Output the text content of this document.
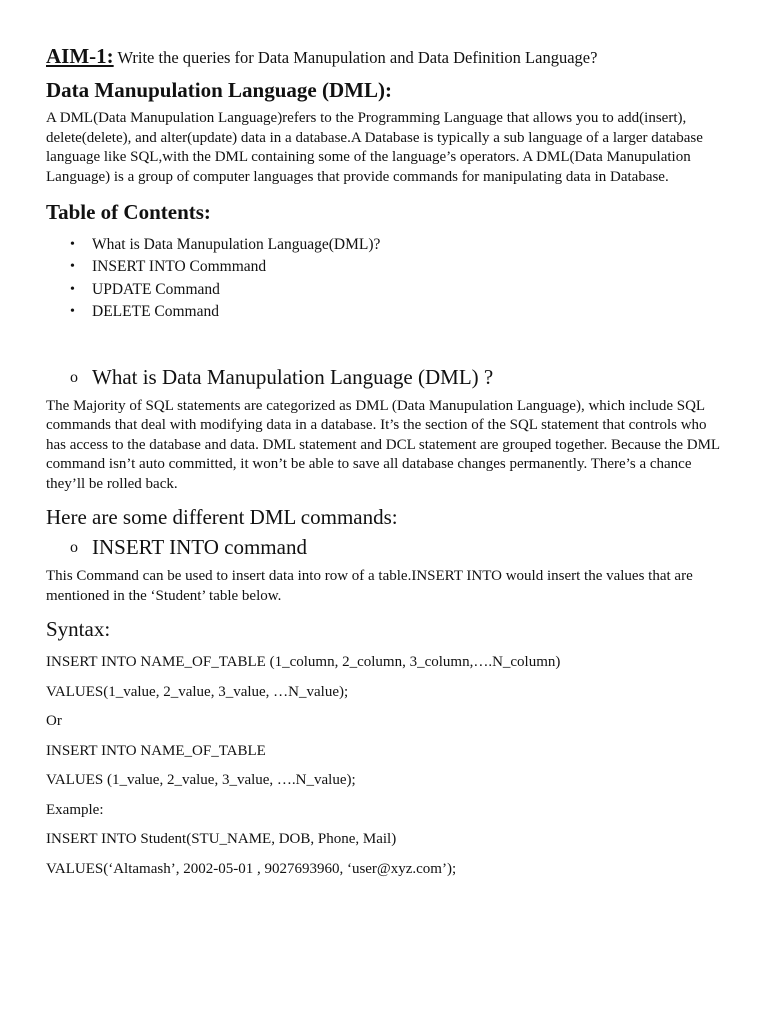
AIM-1: Write the queries for Data Manupulation and Data Definition Language?
Data Manupulation Language (DML):

A DML(Data Manupulation Language)refers to the Programming Language that allows you to add(insert), delete(delete), and alter(update) data in a database.A Database is typically a sub language of a larger database language like SQL,with the DML containing some of the language’s operators. A DML(Data Manupulation Language) is a group of computer languages that provide commands for manipulating data in Database.

Table of Contents:
• What is Data Manupulation Language(DML)?
• INSERT INTO Commmand
• UPDATE Command
• DELETE Command
o What is Data Manupulation Language (DML) ?

The Majority of SQL statements are categorized as DML (Data Manupulation Language), which include SQL commands that deal with modifying data in a database. It’s the section of the SQL statement that controls who has access to the database and data. DML statement and DCL statement are grouped together. Because the DML command isn’t auto committed, it won’t be able to save all database changes permanently. There’s a chance they’ll be rolled back.

Here are some different DML commands:
o INSERT INTO command

This Command can be used to insert data into row of a table.INSERT INTO would insert the values that are mentioned in the ‘Student’ table below.

Syntax:
INSERT INTO NAME_OF_TABLE (1_column, 2_column, 3_column,….N_column)
VALUES(1_value, 2_value, 3_value, …N_value);
Or
INSERT INTO NAME_OF_TABLE
VALUES (1_value, 2_value, 3_value, ….N_value);
Example:
INSERT INTO Student(STU_NAME, DOB, Phone, Mail)
VALUES(‘Altamash’, 2002-05-01 , 9027693960, ‘user@xyz.com’);
